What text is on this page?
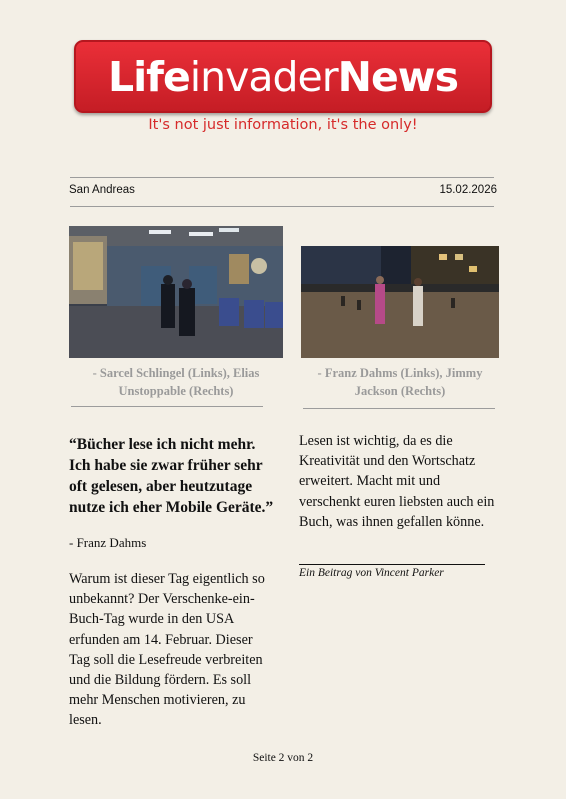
LifeinvaderNews
It's not just information, it's the only!
San Andreas	15.02.2026
- Sarcel Schlingel (Links), Elias Unstoppable (Rechts)
- Franz Dahms (Links), Jimmy Jackson (Rechts)
“Bücher lese ich nicht mehr. Ich habe sie zwar früher sehr oft gelesen, aber heutzutage nutze ich eher Mobile Geräte.”
- Franz Dahms
Warum ist dieser Tag eigentlich so unbekannt? Der Verschenke-ein-Buch-Tag wurde in den USA erfunden am 14. Februar. Dieser Tag soll die Lesefreude verbreiten und die Bildung fördern. Es soll mehr Menschen motivieren, zu lesen.
Lesen ist wichtig, da es die Kreativität und den Wortschatz erweitert. Macht mit und verschenkt euren liebsten auch ein Buch, was ihnen gefallen könne.
Ein Beitrag von Vincent Parker
Seite 2 von 2
